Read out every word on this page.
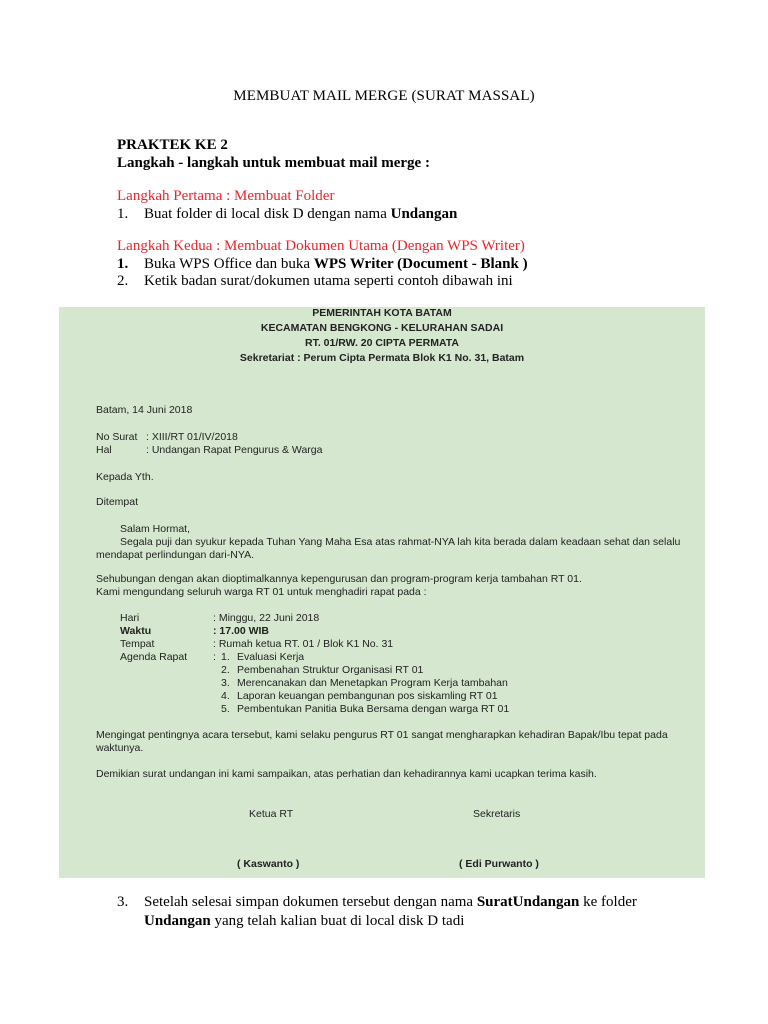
MEMBUAT MAIL MERGE (SURAT MASSAL)
PRAKTEK KE 2
Langkah - langkah untuk membuat mail merge :
Langkah Pertama : Membuat Folder
1. Buat folder di local disk D dengan nama Undangan
Langkah Kedua : Membuat Dokumen Utama (Dengan WPS Writer)
1. Buka WPS Office dan buka WPS Writer (Document - Blank )
2. Ketik badan surat/dokumen utama seperti contoh dibawah ini
PEMERINTAH KOTA BATAM
KECAMATAN BENGKONG - KELURAHAN SADAI
RT. 01/RW. 20 CIPTA PERMATA
Sekretariat : Perum Cipta Permata Blok K1 No. 31, Batam
Batam, 14 Juni 2018
No Surat : XIII/RT 01/IV/2018
Hal	: Undangan Rapat Pengurus & Warga
Kepada Yth.
Ditempat
Salam Hormat,
Segala puji dan syukur kepada Tuhan Yang Maha Esa atas rahmat-NYA lah kita berada dalam keadaan sehat dan selalu
mendapat perlindungan dari-NYA.
Sehubungan dengan akan dioptimalkannya kepengurusan dan program-program kerja tambahan RT 01.
Kami mengundang seluruh warga RT 01 untuk menghadiri rapat pada :
Hari	: Minggu, 22 Juni 2018
Waktu	: 17.00 WIB
Tempat	: Rumah ketua RT. 01 / Blok K1 No. 31
Agenda Rapat : 1. Evaluasi Kerja
2. Pembenahan Struktur Organisasi RT 01
3. Merencanakan dan Menetapkan Program Kerja tambahan
4. Laporan keuangan pembangunan pos siskamling RT 01
5. Pembentukan Panitia Buka Bersama dengan warga RT 01
Mengingat pentingnya acara tersebut, kami selaku pengurus RT 01 sangat mengharapkan kehadiran Bapak/Ibu tepat pada
waktunya.
Demikian surat undangan ini kami sampaikan, atas perhatian dan kehadirannya kami ucapkan terima kasih.
Ketua RT	Sekretaris
( Kaswanto )	( Edi Purwanto )
3. Setelah selesai simpan dokumen tersebut dengan nama SuratUndangan ke folder
Undangan yang telah kalian buat di local disk D tadi
